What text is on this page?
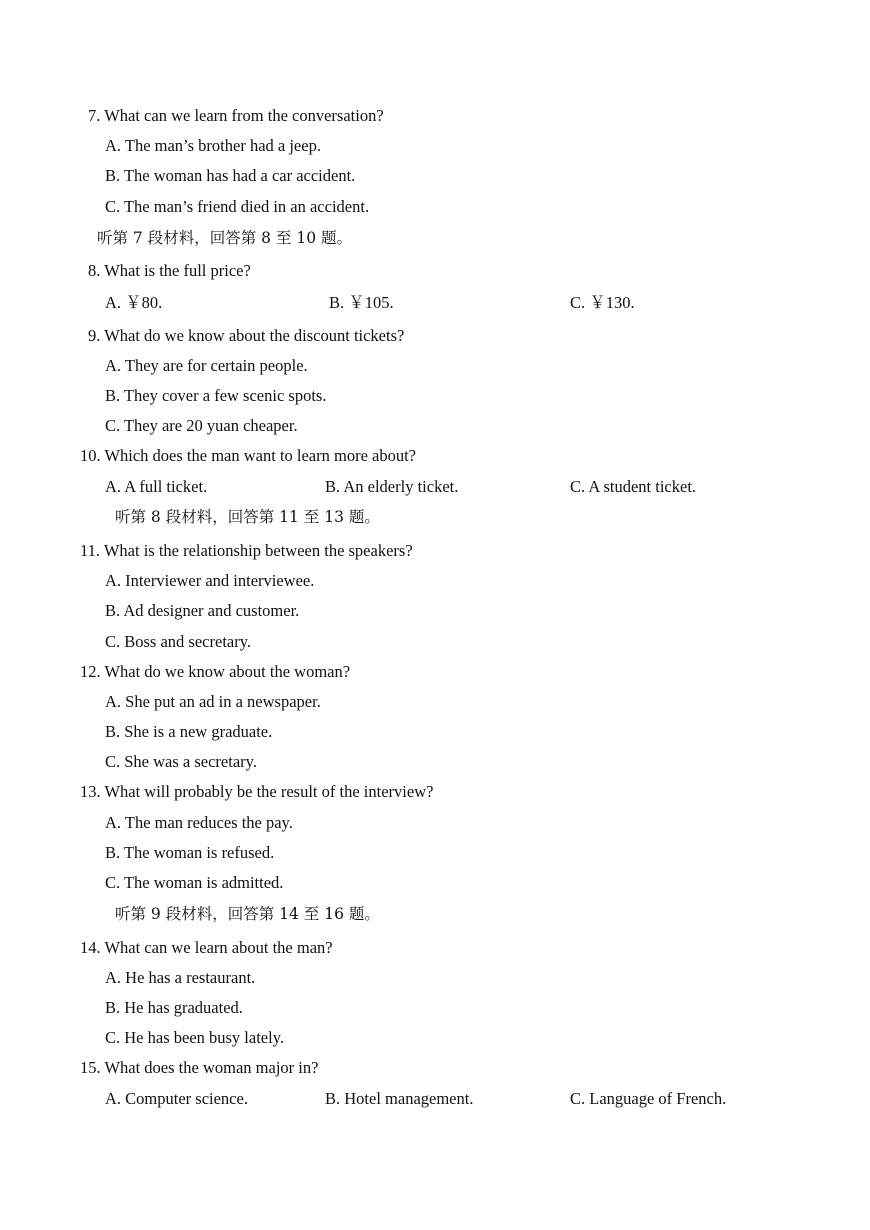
7. What can we learn from the conversation?
A. The man’s brother had a jeep.
B. The woman has had a car accident.
C. The man’s friend died in an accident.
听第 7 段材料，回答第 8 至 10 题。
8. What is the full price?
A. ￥80.	B. ￥105.	C. ￥130.
9. What do we know about the discount tickets?
A. They are for certain people.
B. They cover a few scenic spots.
C. They are 20 yuan cheaper.
10. Which does the man want to learn more about?
A. A full ticket.	B. An elderly ticket.	C. A student ticket.
听第 8 段材料，回答第 11 至 13 题。
11. What is the relationship between the speakers?
A. Interviewer and interviewee.
B. Ad designer and customer.
C. Boss and secretary.
12. What do we know about the woman?
A. She put an ad in a newspaper.
B. She is a new graduate.
C. She was a secretary.
13. What will probably be the result of the interview?
A. The man reduces the pay.
B. The woman is refused.
C. The woman is admitted.
听第 9 段材料，回答第 14 至 16 题。
14. What can we learn about the man?
A. He has a restaurant.
B. He has graduated.
C. He has been busy lately.
15. What does the woman major in?
A. Computer science.	B. Hotel management.	C. Language of French.
